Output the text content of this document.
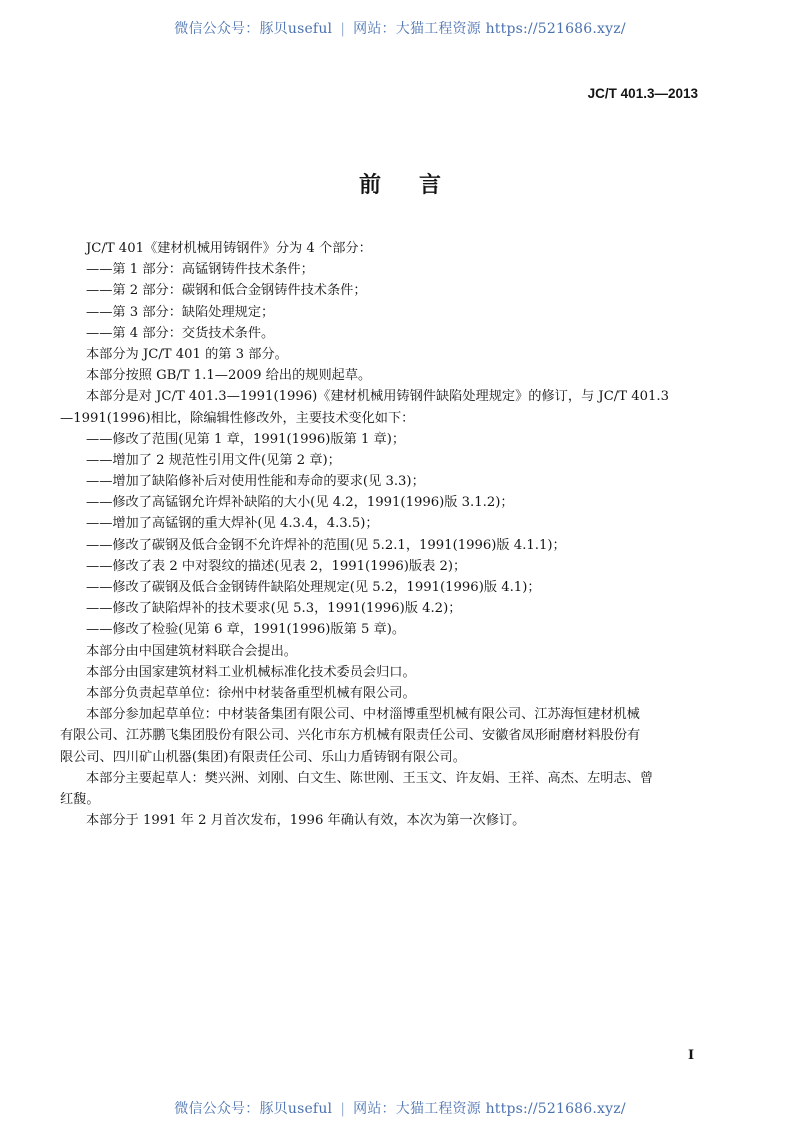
微信公众号：豚贝useful | 网站：大猫工程资源 https://521686.xyz/
JC/T 401.3—2013
前言
JC/T 401《建材机械用铸钢件》分为 4 个部分：
——第 1 部分：高锰钢铸件技术条件；
——第 2 部分：碳钢和低合金钢铸件技术条件；
——第 3 部分：缺陷处理规定；
——第 4 部分：交货技术条件。
本部分为 JC/T 401 的第 3 部分。
本部分按照 GB/T 1.1—2009 给出的规则起草。
本部分是对 JC/T 401.3—1991(1996)《建材机械用铸钢件缺陷处理规定》的修订，与 JC/T 401.3
—1991(1996)相比，除编辑性修改外，主要技术变化如下：
——修改了范围(见第 1 章，1991(1996)版第 1 章)；
——增加了 2 规范性引用文件(见第 2 章)；
——增加了缺陷修补后对使用性能和寿命的要求(见 3.3)；
——修改了高锰钢允许焊补缺陷的大小(见 4.2，1991(1996)版 3.1.2)；
——增加了高锰钢的重大焊补(见 4.3.4，4.3.5)；
——修改了碳钢及低合金钢不允许焊补的范围(见 5.2.1，1991(1996)版 4.1.1)；
——修改了表 2 中对裂纹的描述(见表 2，1991(1996)版表 2)；
——修改了碳钢及低合金钢铸件缺陷处理规定(见 5.2，1991(1996)版 4.1)；
——修改了缺陷焊补的技术要求(见 5.3，1991(1996)版 4.2)；
——修改了检验(见第 6 章，1991(1996)版第 5 章)。
本部分由中国建筑材料联合会提出。
本部分由国家建筑材料工业机械标准化技术委员会归口。
本部分负责起草单位：徐州中材装备重型机械有限公司。
本部分参加起草单位：中材装备集团有限公司、中材淄博重型机械有限公司、江苏海恒建材机械
有限公司、江苏鹏飞集团股份有限公司、兴化市东方机械有限责任公司、安徽省凤形耐磨材料股份有
限公司、四川矿山机器(集团)有限责任公司、乐山力盾铸钢有限公司。
本部分主要起草人：樊兴洲、刘刚、白文生、陈世刚、王玉文、许友娟、王祥、高杰、左明志、曾
红馥。
本部分于 1991 年 2 月首次发布，1996 年确认有效，本次为第一次修订。
I
微信公众号：豚贝useful | 网站：大猫工程资源 https://521686.xyz/
